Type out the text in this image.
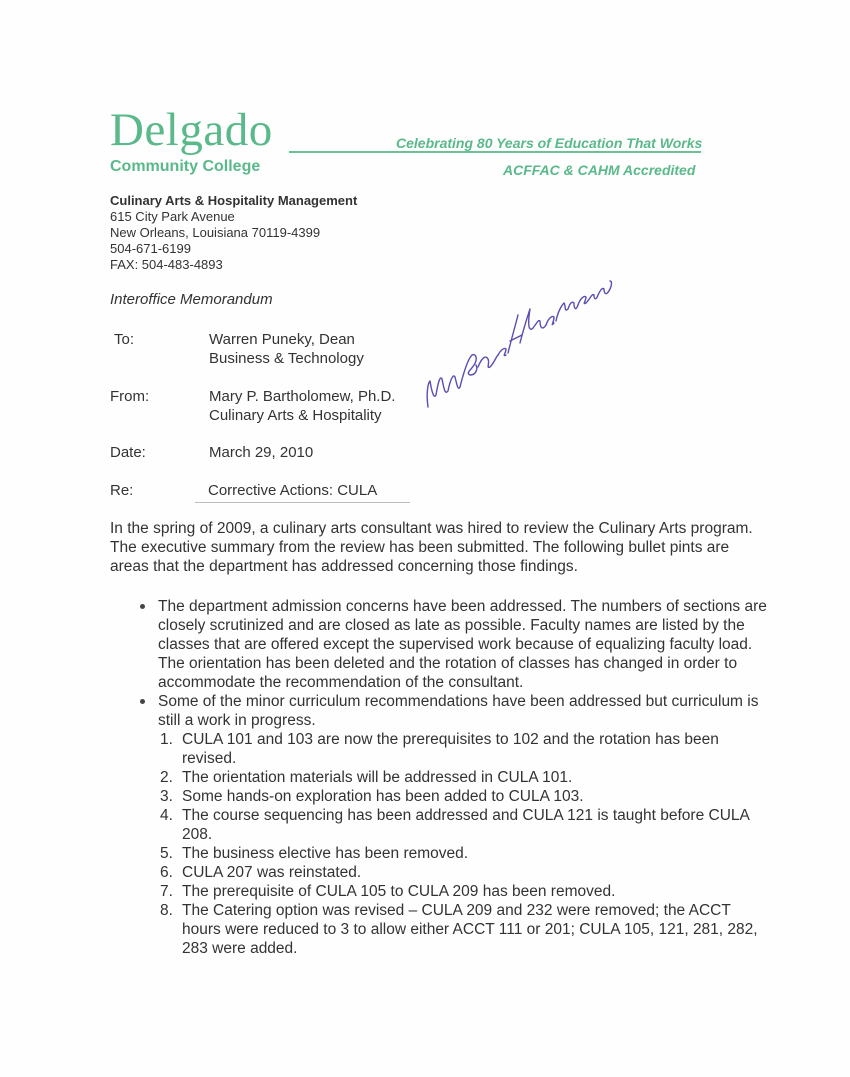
Delgado
Community College
Celebrating 80 Years of Education That Works
ACFFAC & CAHM Accredited
Culinary Arts & Hospitality Management
615 City Park Avenue
New Orleans, Louisiana 70119-4399
504-671-6199
FAX: 504-483-4893
Interoffice Memorandum
To:	Warren Puneky, Dean
Business & Technology
From:	Mary P. Bartholomew, Ph.D.
Culinary Arts & Hospitality
Date:	March 29, 2010
Re:	Corrective Actions: CULA
In the spring of 2009, a culinary arts consultant was hired to review the Culinary Arts program. The executive summary from the review has been submitted. The following bullet pints are areas that the department has addressed concerning those findings.
The department admission concerns have been addressed. The numbers of sections are closely scrutinized and are closed as late as possible. Faculty names are listed by the classes that are offered except the supervised work because of equalizing faculty load. The orientation has been deleted and the rotation of classes has changed in order to accommodate the recommendation of the consultant.
Some of the minor curriculum recommendations have been addressed but curriculum is still a work in progress.
1. CULA 101 and 103 are now the prerequisites to 102 and the rotation has been revised.
2. The orientation materials will be addressed in CULA 101.
3. Some hands-on exploration has been added to CULA 103.
4. The course sequencing has been addressed and CULA 121 is taught before CULA 208.
5. The business elective has been removed.
6. CULA 207 was reinstated.
7. The prerequisite of CULA 105 to CULA 209 has been removed.
8. The Catering option was revised – CULA 209 and 232 were removed; the ACCT hours were reduced to 3 to allow either ACCT 111 or 201; CULA 105, 121, 281, 282, 283 were added.
